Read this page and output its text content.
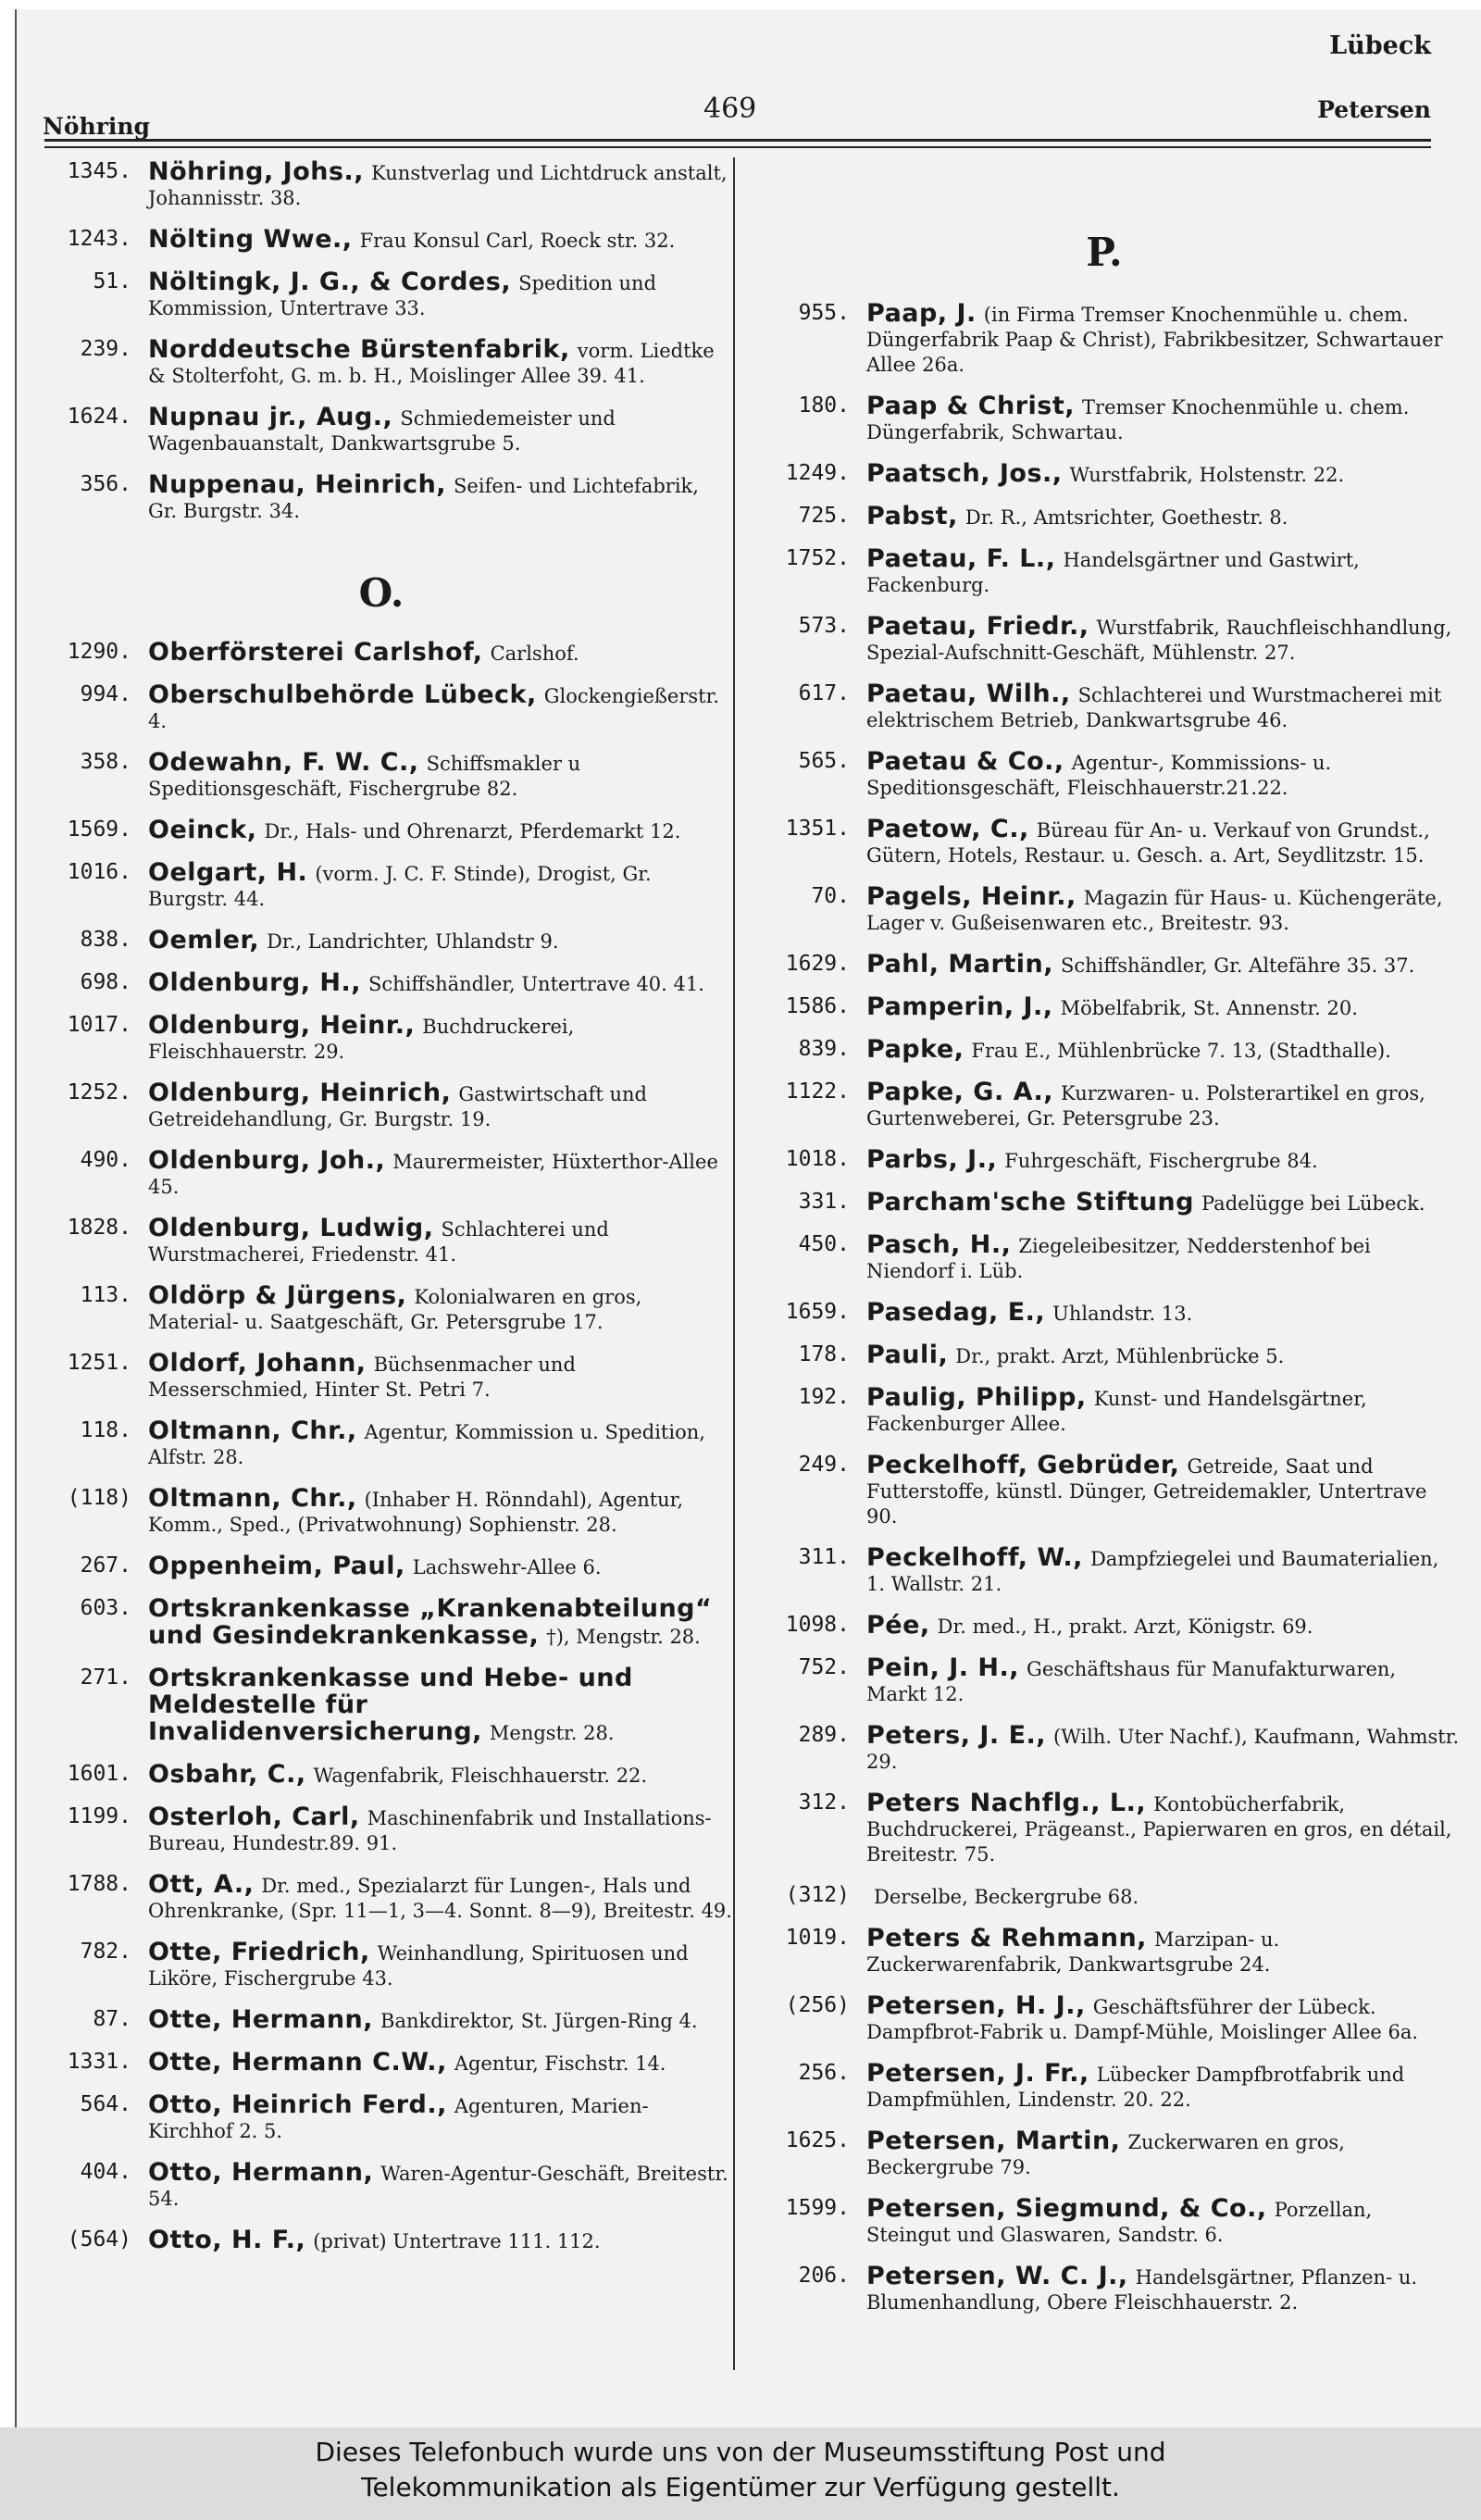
Lübeck
469
Nöhring
Petersen
1345. Nöhring, Johs., Kunstverlag und Lichtdruck anstalt, Johannisstr. 38.
1243. Nölting Wwe., Frau Konsul Carl, Roeck str. 32.
51. Nöltingk, J. G., & Cordes, Spedition und Kommission, Untertrave 33.
239. Norddeutsche Bürstenfabrik, vorm. Liedtke & Stolterfoht, G. m. b. H., Moislinger Allee 39. 41.
1624. Nupnau jr., Aug., Schmiedemeister und Wagenbauanstalt, Dankwartsgrube 5.
356. Nuppenau, Heinrich, Seifen- und Lichtefabrik, Gr. Burgstr. 34.
O.
1290. Oberförsterei Carlshof, Carlshof.
994. Oberschulbehörde Lübeck, Glockengießerstr. 4.
358. Odewahn, F. W. C., Schiffsmakler u Speditionsgeschäft, Fischergrube 82.
1569. Oeinck, Dr., Hals- und Ohrenarzt, Pferdemarkt 12.
1016. Oelgart, H. (vorm. J. C. F. Stinde), Drogist, Gr. Burgstr. 44.
838. Oemler, Dr., Landrichter, Uhlandstr 9.
698. Oldenburg, H., Schiffshändler, Untertrave 40. 41.
1017. Oldenburg, Heinr., Buchdruckerei, Fleischhauerstr. 29.
1252. Oldenburg, Heinrich, Gastwirtschaft und Getreidehandlung, Gr. Burgstr. 19.
490. Oldenburg, Joh., Maurermeister, Hüxterthor-Allee 45.
1828. Oldenburg, Ludwig, Schlachterei und Wurstmacherei, Friedenstr. 41.
113. Oldörp & Jürgens, Kolonialwaren en gros, Material- u. Saatgeschäft, Gr. Petersgrube 17.
1251. Oldorf, Johann, Büchsenmacher und Messerschmied, Hinter St. Petri 7.
118. Oltmann, Chr., Agentur, Kommission u. Spedition, Alfstr. 28.
(118) Oltmann, Chr., (Inhaber H. Rönndahl), Agentur, Komm., Sped., (Privatwohnung) Sophienstr. 28.
267. Oppenheim, Paul, Lachswehr-Allee 6.
603. Ortskrankenkasse „Krankenabteilung“ und Gesindekrankenkasse, †), Mengstr. 28.
271. Ortskrankenkasse und Hebe- und Meldestelle für Invalidenversicherung, Mengstr. 28.
1601. Osbahr, C., Wagenfabrik, Fleischhauerstr. 22.
1199. Osterloh, Carl, Maschinenfabrik und Installations-Bureau, Hundestr.89. 91.
1788. Ott, A., Dr. med., Spezialarzt für Lungen-, Hals und Ohrenkranke, (Spr. 11—1, 3—4. Sonnt. 8—9), Breitestr. 49.
782. Otte, Friedrich, Weinhandlung, Spirituosen und Liköre, Fischergrube 43.
87. Otte, Hermann, Bankdirektor, St. Jürgen-Ring 4.
1331. Otte, Hermann C.W., Agentur, Fischstr. 14.
564. Otto, Heinrich Ferd., Agenturen, Marien-Kirchhof 2. 5.
404. Otto, Hermann, Waren-Agentur-Geschäft, Breitestr. 54.
(564) Otto, H. F., (privat) Untertrave 111. 112.
P.
955. Paap, J. (in Firma Tremser Knochenmühle u. chem. Düngerfabrik Paap & Christ), Fabrikbesitzer, Schwartauer Allee 26a.
180. Paap & Christ, Tremser Knochenmühle u. chem. Düngerfabrik, Schwartau.
1249. Paatsch, Jos., Wurstfabrik, Holstenstr. 22.
725. Pabst, Dr. R., Amtsrichter, Goethestr. 8.
1752. Paetau, F. L., Handelsgärtner und Gastwirt, Fackenburg.
573. Paetau, Friedr., Wurstfabrik, Rauchfleischhandlung, Spezial-Aufschnitt-Geschäft, Mühlenstr. 27.
617. Paetau, Wilh., Schlachterei und Wurstmacherei mit elektrischem Betrieb, Dankwartsgrube 46.
565. Paetau & Co., Agentur-, Kommissions- u. Speditionsgeschäft, Fleischhauerstr.21.22.
1351. Paetow, C., Büreau für An- u. Verkauf von Grundst., Gütern, Hotels, Restaur. u. Gesch. a. Art, Seydlitzstr. 15.
70. Pagels, Heinr., Magazin für Haus- u. Küchengeräte, Lager v. Gußeisenwaren etc., Breitestr. 93.
1629. Pahl, Martin, Schiffshändler, Gr. Altefähre 35. 37.
1586. Pamperin, J., Möbelfabrik, St. Annenstr. 20.
839. Papke, Frau E., Mühlenbrücke 7. 13, (Stadthalle).
1122. Papke, G. A., Kurzwaren- u. Polsterartikel en gros, Gurtenweberei, Gr. Petersgrube 23.
1018. Parbs, J., Fuhrgeschäft, Fischergrube 84.
331. Parcham'sche Stiftung Padelügge bei Lübeck.
450. Pasch, H., Ziegeleibesitzer, Nedderstenhof bei Niendorf i. Lüb.
1659. Pasedag, E., Uhlandstr. 13.
178. Pauli, Dr., prakt. Arzt, Mühlenbrücke 5.
192. Paulig, Philipp, Kunst- und Handelsgärtner, Fackenburger Allee.
249. Peckelhoff, Gebrüder, Getreide, Saat und Futterstoffe, künstl. Dünger, Getreidemakler, Untertrave 90.
311. Peckelhoff, W., Dampfziegelei und Baumaterialien, 1. Wallstr. 21.
1098. Pée, Dr. med., H., prakt. Arzt, Königstr. 69.
752. Pein, J. H., Geschäftshaus für Manufakturwaren, Markt 12.
289. Peters, J. E., (Wilh. Uter Nachf.), Kaufmann, Wahmstr. 29.
312. Peters Nachflg., L., Kontobücherfabrik, Buchdruckerei, Prägeanst., Papierwaren en gros, en détail, Breitestr. 75.
(312)	Derselbe, Beckergrube 68.
1019. Peters & Rehmann, Marzipan- u. Zuckerwarenfabrik, Dankwartsgrube 24.
(256) Petersen, H. J., Geschäftsführer der Lübeck. Dampfbrot-Fabrik u. Dampf-Mühle, Moislinger Allee 6a.
256. Petersen, J. Fr., Lübecker Dampfbrotfabrik und Dampfmühlen, Lindenstr. 20. 22.
1625. Petersen, Martin, Zuckerwaren en gros, Beckergrube 79.
1599. Petersen, Siegmund, & Co., Porzellan, Steingut und Glaswaren, Sandstr. 6.
206. Petersen, W. C. J., Handelsgärtner, Pflanzen- u. Blumenhandlung, Obere Fleischhauerstr. 2.
Dieses Telefonbuch wurde uns von der Museumsstiftung Post und
Telekommunikation als Eigentümer zur Verfügung gestellt.
